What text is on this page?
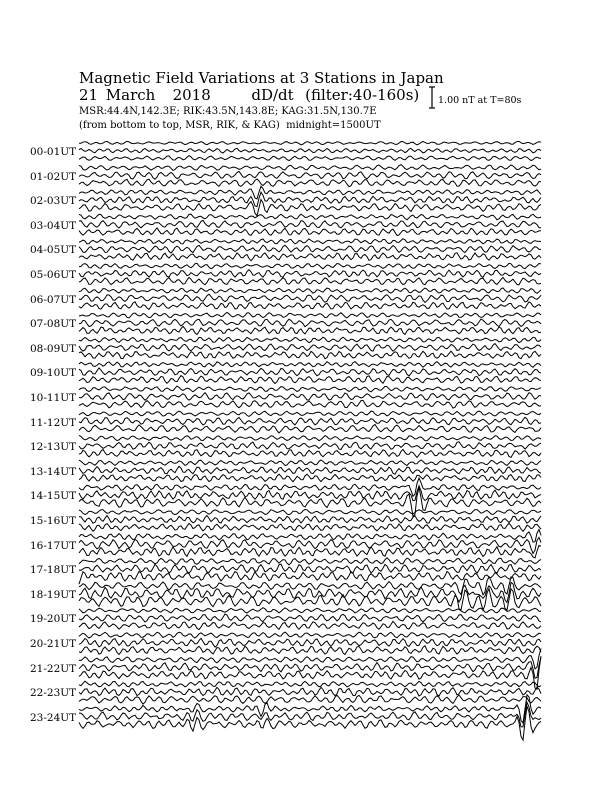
Magnetic Field Variations at 3 Stations in Japan
21 March 2018	dD/dt (filter:40-160s)
MSR:44.4N,142.3E; RIK:43.5N,143.8E; KAG:31.5N,130.7E
(from bottom to top, MSR, RIK, & KAG) midnight=1500UT
1.00 nT at T=80s
00-01UT
01-02UT
02-03UT
03-04UT
04-05UT
05-06UT
06-07UT
07-08UT
08-09UT
09-10UT
10-11UT
11-12UT
12-13UT
13-14UT
14-15UT
15-16UT
16-17UT
17-18UT
18-19UT
19-20UT
20-21UT
21-22UT
22-23UT
23-24UT
